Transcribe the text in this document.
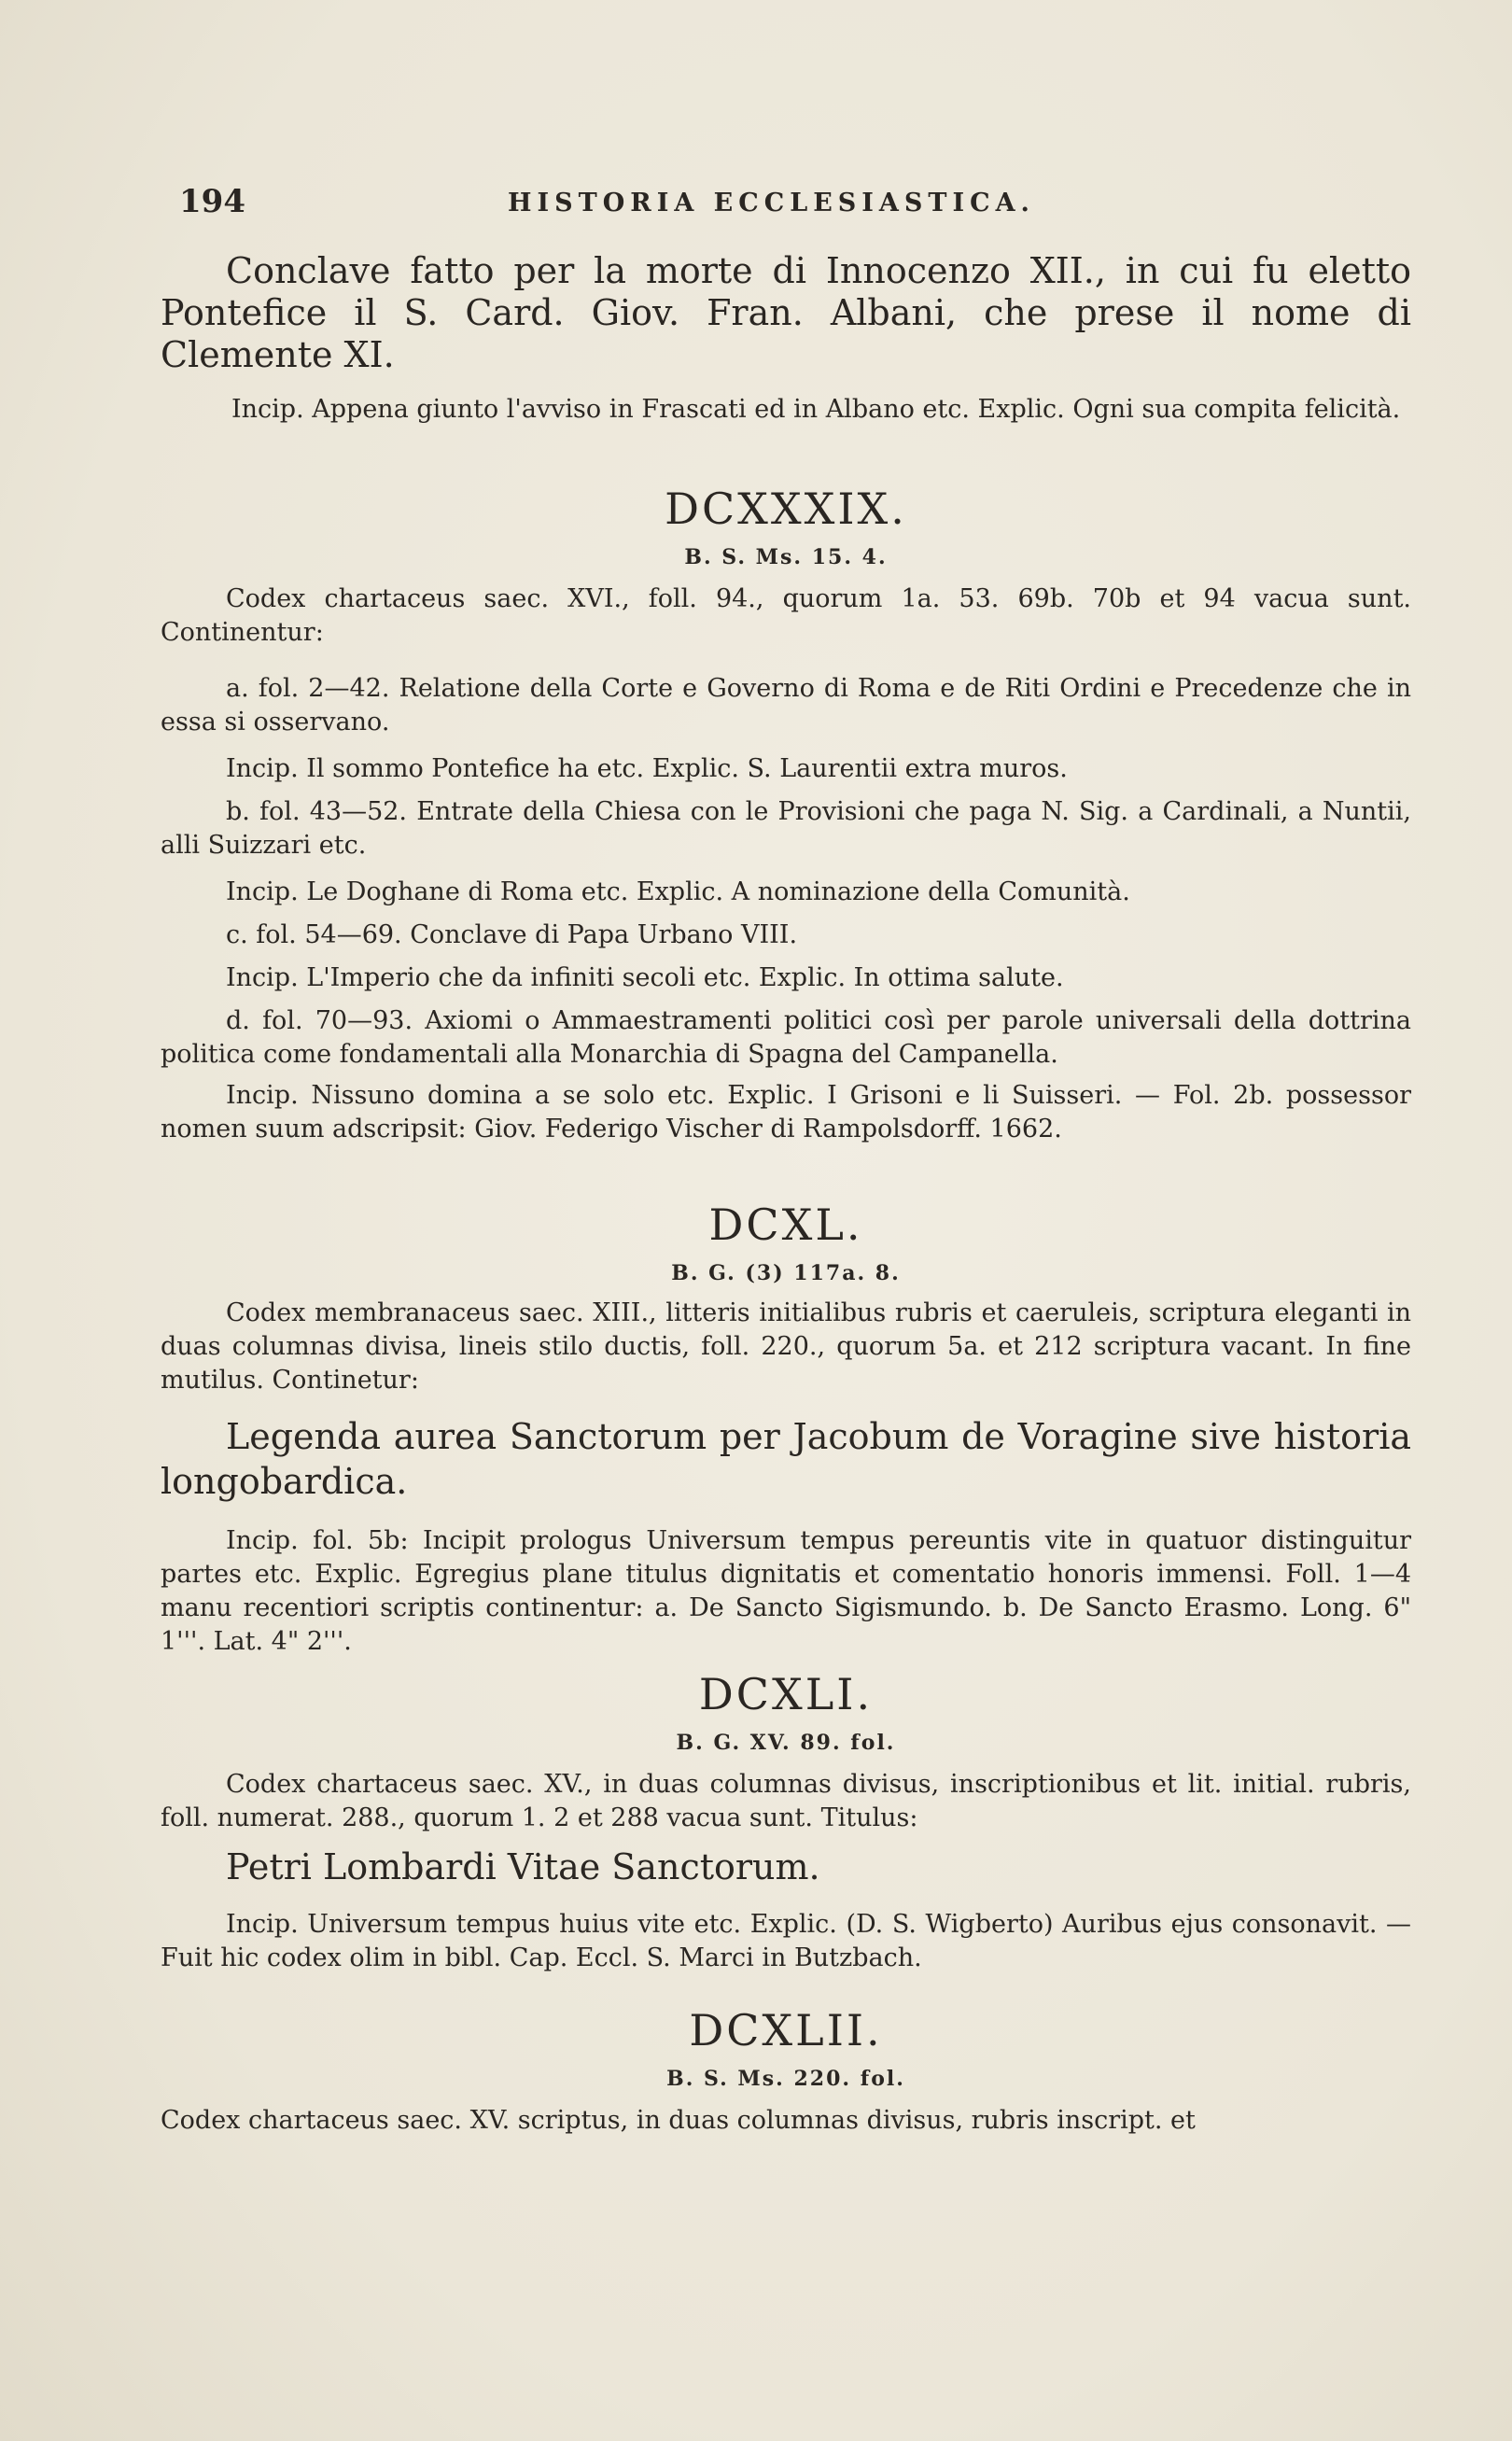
194	HISTORIA ECCLESIASTICA.

Conclave fatto per la morte di Innocenzo XII., in cui fu eletto Pontefice il S. Card. Giov. Fran. Albani, che prese il nome di Clemente XI.

Incip. Appena giunto l'avviso in Frascati ed in Albano etc. Explic. Ogni sua compita felicità.

DCXXXIX.

B. S. Ms. 15. 4.

Codex chartaceus saec. XVI., foll. 94., quorum 1a. 53. 69b. 70b et 94 vacua sunt. Continentur:

a. fol. 2—42. Relatione della Corte e Governo di Roma e de Riti Ordini e Precedenze che in essa si osservano.

Incip. Il sommo Pontefice ha etc. Explic. S. Laurentii extra muros.

b. fol. 43—52. Entrate della Chiesa con le Provisioni che paga N. Sig. a Cardinali, a Nuntii, alli Suizzari etc.

Incip. Le Doghane di Roma etc. Explic. A nominazione della Comunità.

c. fol. 54—69. Conclave di Papa Urbano VIII.

Incip. L'Imperio che da infiniti secoli etc. Explic. In ottima salute.

d. fol. 70—93. Axiomi o Ammaestramenti politici così per parole universali della dottrina politica come fondamentali alla Monarchia di Spagna del Campanella.

Incip. Nissuno domina a se solo etc. Explic. I Grisoni e li Suisseri. — Fol. 2b. possessor nomen suum adscripsit: Giov. Federigo Vischer di Rampolsdorff. 1662.

DCXL.

B. G. (3) 117a. 8.

Codex membranaceus saec. XIII., litteris initialibus rubris et caeruleis, scriptura eleganti in duas columnas divisa, lineis stilo ductis, foll. 220., quorum 5a. et 212 scriptura vacant. In fine mutilus. Continetur:

Legenda aurea Sanctorum per Jacobum de Voragine sive historia longobardica.

Incip. fol. 5b: Incipit prologus Universum tempus pereuntis vite in quatuor distinguitur partes etc. Explic. Egregius plane titulus dignitatis et comentatio honoris immensi. Foll. 1—4 manu recentiori scriptis continentur: a. De Sancto Sigismundo. b. De Sancto Erasmo. Long. 6" 1'''. Lat. 4" 2'''.

DCXLI.

B. G. XV. 89. fol.

Codex chartaceus saec. XV., in duas columnas divisus, inscriptionibus et lit. initial. rubris, foll. numerat. 288., quorum 1. 2 et 288 vacua sunt. Titulus:

Petri Lombardi Vitae Sanctorum.

Incip. Universum tempus huius vite etc. Explic. (D. S. Wigberto) Auribus ejus consonavit. — Fuit hic codex olim in bibl. Cap. Eccl. S. Marci in Butzbach.

DCXLII.

B. S. Ms. 220. fol.

Codex chartaceus saec. XV. scriptus, in duas columnas divisus, rubris inscript. et
